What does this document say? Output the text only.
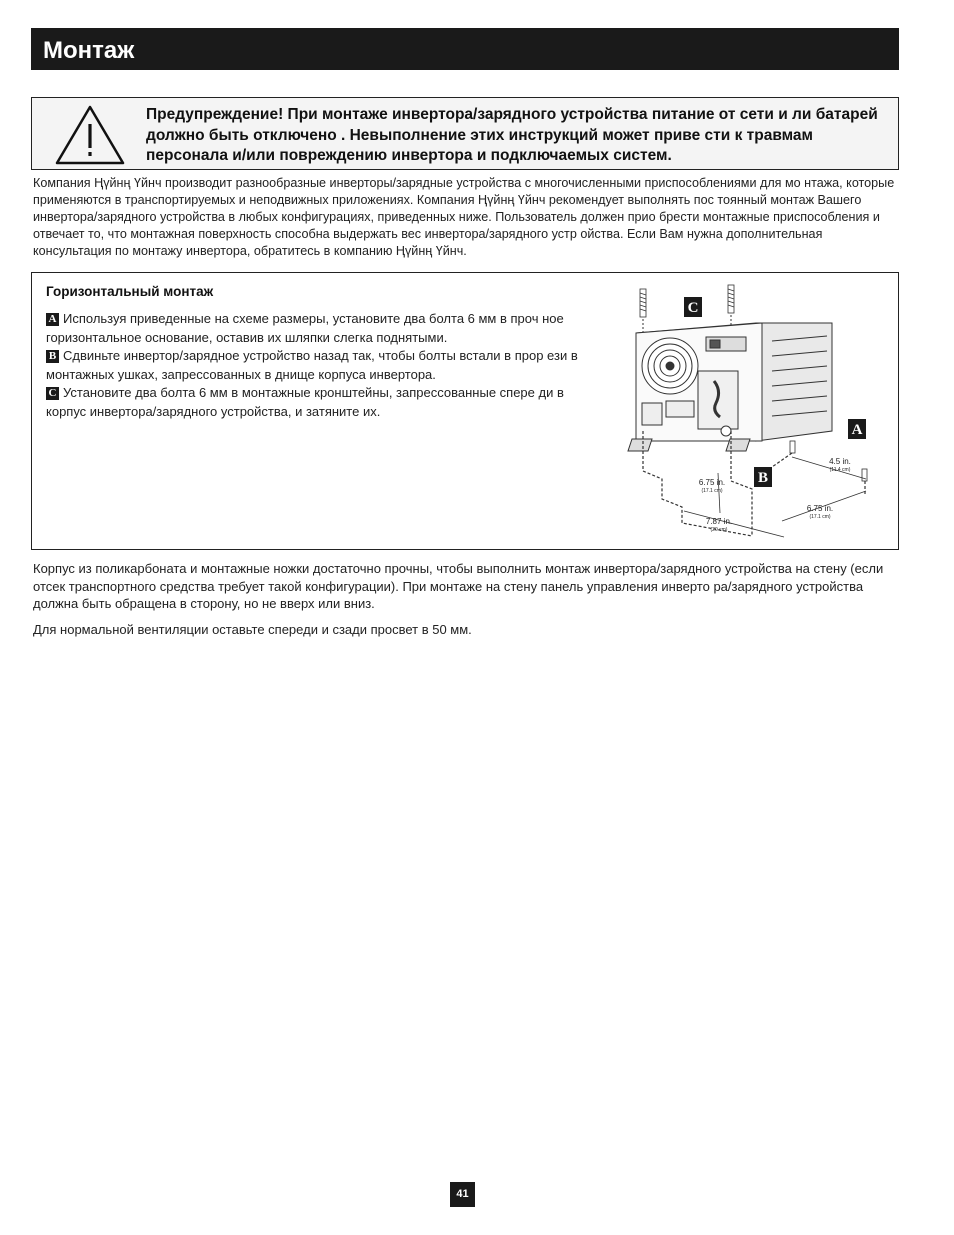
Монтаж
Предупреждение! При монтаже инвертора/зарядного устройства питание от сети и ли батарей должно быть отключено . Невыполнение этих инструкций может приве сти к травмам персонала и/или повреждению инвертора и подключаемых систем.
Компания Ңүйнң Үйнч производит разнообразные инверторы/зарядные устройства с многочисленными приспособлениями для мо нтажа, которые применяются в транспортируемых и неподвижных приложениях. Компания Ңүйнң Үйнч рекомендует выполнять пос тоянный монтаж Вашего инвертора/зарядного устройства в любых конфигурациях, приведенных ниже. Пользователь должен прио брести монтажные приспособления и отвечает то, что монтажная поверхность способна выдержать вес инвертора/зарядного устр ойства. Если Вам нужна дополнительная консультация по монтажу инвертора, обратитесь в компанию Ңүйнң Үйнч.
Горизонтальный монтаж
A Используя приведенные на схеме размеры, установите два болта 6 мм в проч ное горизонтальное основание, оставив их шляпки слегка поднятыми.
B Сдвиньте инвертор/зарядное устройство назад так, чтобы болты встали в прор ези в монтажных ушках, запрессованных в днище корпуса инвертора.
C Установите два болта 6 мм в монтажные кронштейны, запрессованные спере ди в корпус инвертора/зарядного устройства, и затяните их.
C
A
B
6.75 in.
(17.1 cm)
7.87 in.
(20 cm)
4.5 in.
(11.4 cm)
6.75 in.
(17.1 cm)

Корпус из поликарбоната и монтажные ножки достаточно прочны, чтобы выполнить монтаж инвертора/зарядного устройства на стену (если отсек транспортного средства требует такой конфигурации). При монтаже на стену панель управления инверто ра/зарядного устройства должна быть обращена в сторону, но не вверх или вниз.

Для нормальной вентиляции оставьте спереди и сзади просвет в 50 мм.

41
